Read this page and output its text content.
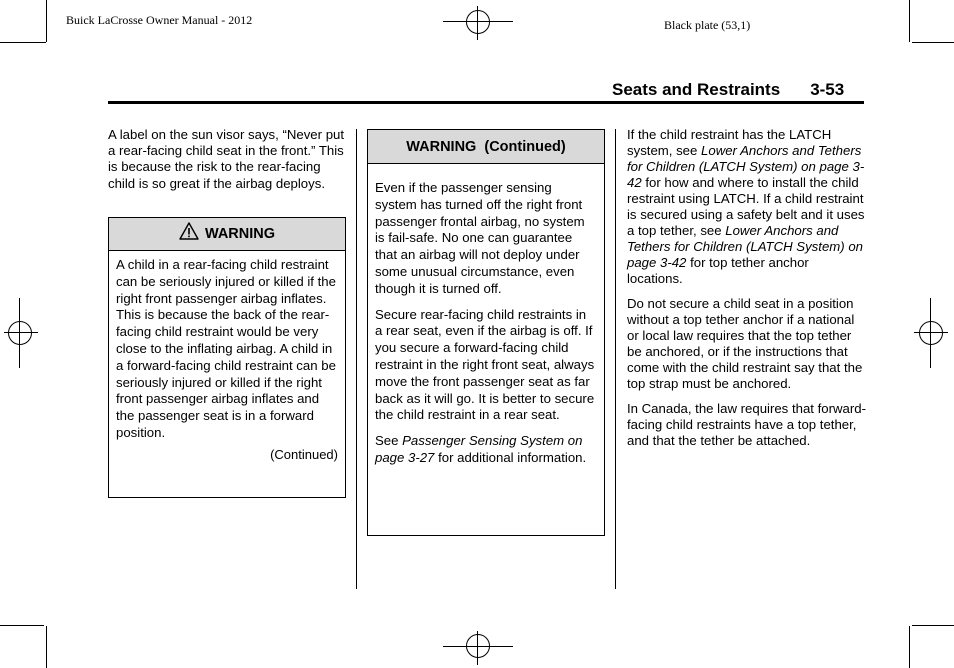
Buick LaCrosse Owner Manual - 2012	Black plate (53,1)
Seats and Restraints 3-53

A label on the sun visor says, “Never put a rear-facing child seat in the front.” This is because the risk to the rear-facing child is so great if the airbag deploys.

WARNING

A child in a rear-facing child restraint can be seriously injured or killed if the right front passenger airbag inflates.

This is because the back of the rear-facing child restraint would be very close to the inflating airbag. A child in a forward-facing child restraint can be seriously injured or killed if the right front passenger airbag inflates and the passenger seat is in a forward position.

(Continued)
WARNING  (Continued)

Even if the passenger sensing system has turned off the right front passenger frontal airbag, no system is fail-safe. No one can guarantee that an airbag will not deploy under some unusual circumstance, even though it is turned off.

Secure rear-facing child restraints in a rear seat, even if the airbag is off. If you secure a forward-facing child restraint in the right front seat, always move the front passenger seat as far back as it will go. It is better to secure the child restraint in a rear seat.

See Passenger Sensing System on page 3-27 for additional information.

If the child restraint has the LATCH system, see Lower Anchors and Tethers for Children (LATCH System) on page 3-42 for how and where to install the child restraint using LATCH. If a child restraint is secured using a safety belt and it uses a top tether, see Lower Anchors and Tethers for Children (LATCH System) on page 3-42 for top tether anchor locations.

Do not secure a child seat in a position without a top tether anchor if a national or local law requires that the top tether be anchored, or if the instructions that come with the child restraint say that the top strap must be anchored.

In Canada, the law requires that forward-facing child restraints have a top tether, and that the tether be attached.
